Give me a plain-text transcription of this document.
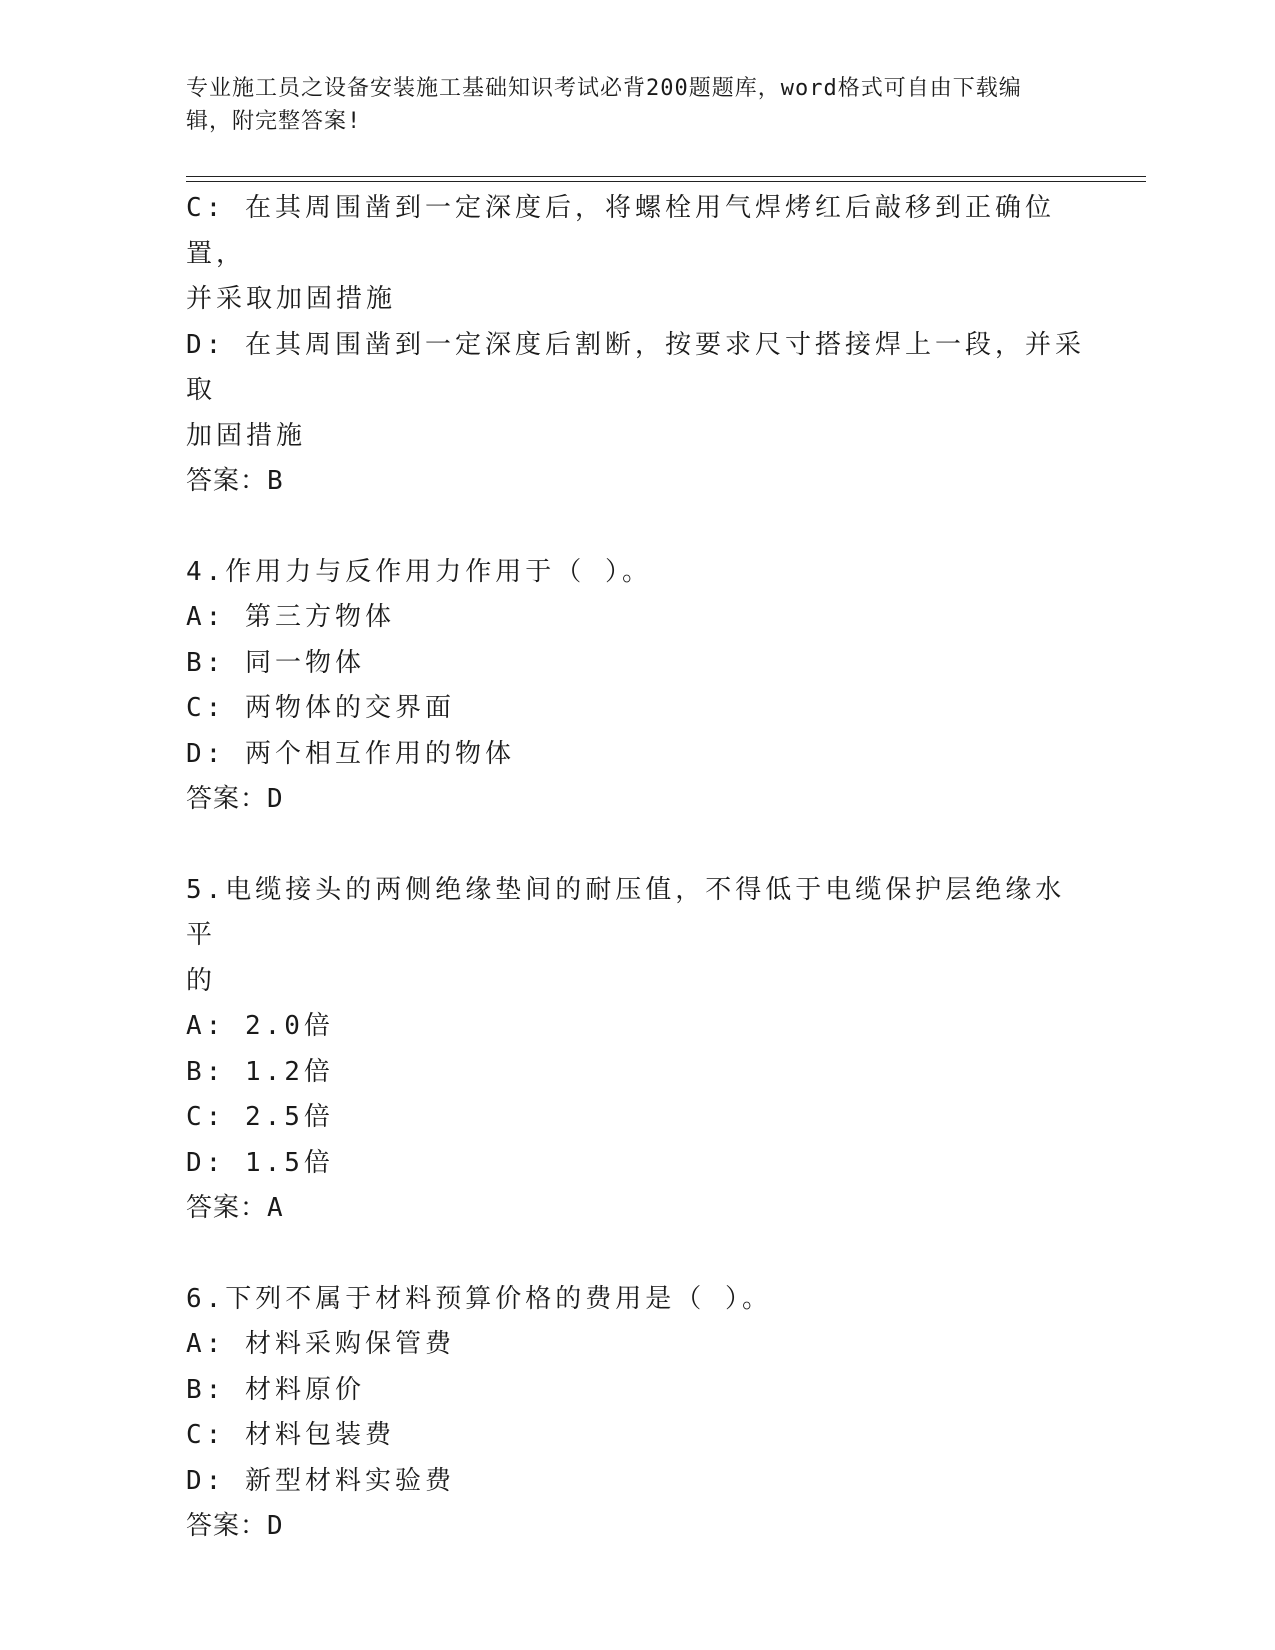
专业施工员之设备安装施工基础知识考试必背200题题库，word格式可自由下载编辑，附完整答案!

C: 在其周围凿到一定深度后，将螺栓用气焊烤红后敲移到正确位置，

并采取加固措施

D: 在其周围凿到一定深度后割断，按要求尺寸搭接焊上一段，并采取

加固措施

答案：B

4.作用力与反作用力作用于（ ）。

A: 第三方物体

B: 同一物体

C: 两物体的交界面

D: 两个相互作用的物体

答案：D

5.电缆接头的两侧绝缘垫间的耐压值，不得低于电缆保护层绝缘水平

的

A: 2.0倍

B: 1.2倍

C: 2.5倍

D: 1.5倍

答案：A

6.下列不属于材料预算价格的费用是（ ）。

A: 材料采购保管费

B: 材料原价

C: 材料包装费

D: 新型材料实验费

答案：D
